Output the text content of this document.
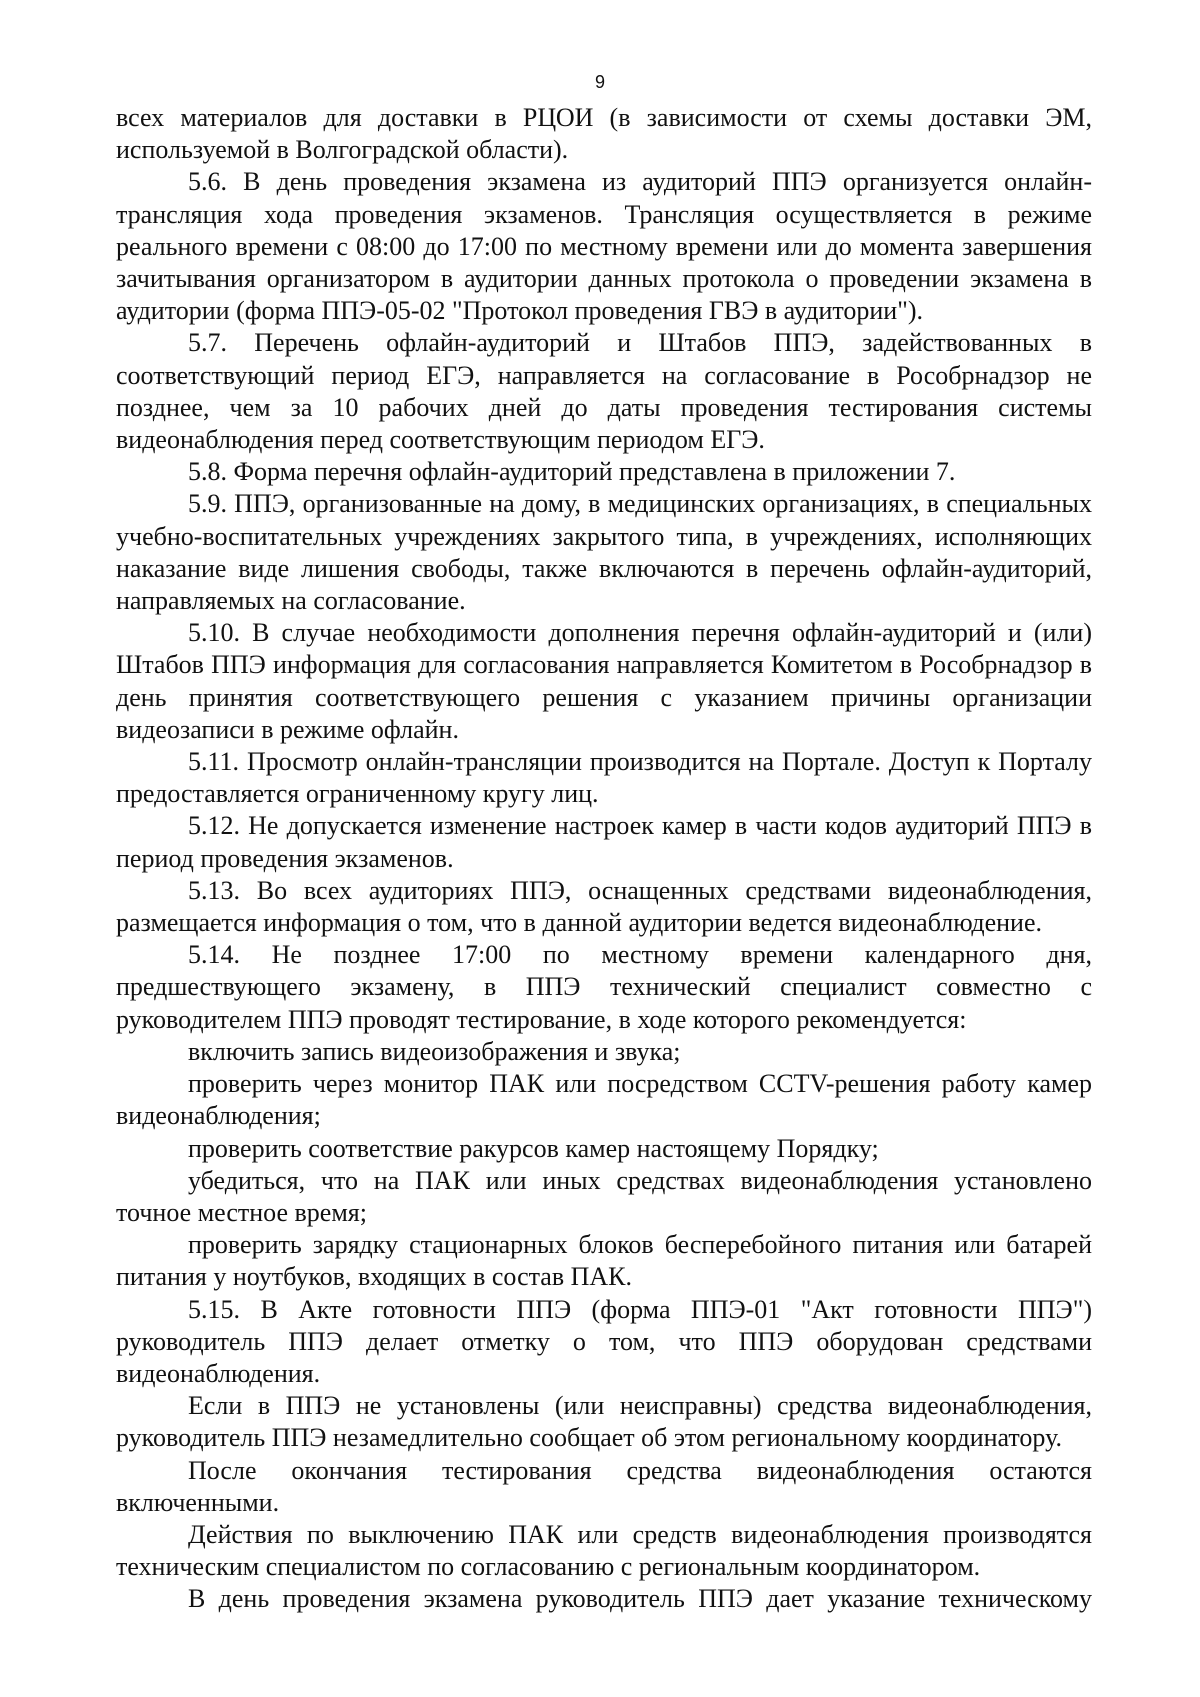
9

всех материалов для доставки в РЦОИ (в зависимости от схемы доставки ЭМ, используемой в Волгоградской области).

5.6. В день проведения экзамена из аудиторий ППЭ организуется онлайн-трансляция хода проведения экзаменов. Трансляция осуществляется в режиме реального времени с 08:00 до 17:00 по местному времени или до момента завершения зачитывания организатором в аудитории данных протокола о проведении экзамена в аудитории (форма ППЭ-05-02 "Протокол проведения ГВЭ в аудитории").

5.7. Перечень офлайн-аудиторий и Штабов ППЭ, задействованных в соответствующий период ЕГЭ, направляется на согласование в Рособрнадзор не позднее, чем за 10 рабочих дней до даты проведения тестирования системы видеонаблюдения перед соответствующим периодом ЕГЭ.

5.8. Форма перечня офлайн-аудиторий представлена в приложении 7.

5.9. ППЭ, организованные на дому, в медицинских организациях, в специальных учебно-воспитательных учреждениях закрытого типа, в учреждениях, исполняющих наказание виде лишения свободы, также включаются в перечень офлайн-аудиторий, направляемых на согласование.

5.10. В случае необходимости дополнения перечня офлайн-аудиторий и (или) Штабов ППЭ информация для согласования направляется Комитетом в Рособрнадзор в день принятия соответствующего решения с указанием причины организации видеозаписи в режиме офлайн.

5.11. Просмотр онлайн-трансляции производится на Портале. Доступ к Порталу предоставляется ограниченному кругу лиц.

5.12. Не допускается изменение настроек камер в части кодов аудиторий ППЭ в период проведения экзаменов.

5.13. Во всех аудиториях ППЭ, оснащенных средствами видеонаблюдения, размещается информация о том, что в данной аудитории ведется видеонаблюдение.

5.14. Не позднее 17:00 по местному времени календарного дня, предшествующего экзамену, в ППЭ технический специалист совместно с руководителем ППЭ проводят тестирование, в ходе которого рекомендуется:

включить запись видеоизображения и звука;

проверить через монитор ПАК или посредством CCTV-решения работу камер видеонаблюдения;

проверить соответствие ракурсов камер настоящему Порядку;

убедиться, что на ПАК или иных средствах видеонаблюдения установлено точное местное время;

проверить зарядку стационарных блоков бесперебойного питания или батарей питания у ноутбуков, входящих в состав ПАК.

5.15. В Акте готовности ППЭ (форма ППЭ-01 "Акт готовности ППЭ") руководитель ППЭ делает отметку о том, что ППЭ оборудован средствами видеонаблюдения.

Если в ППЭ не установлены (или неисправны) средства видеонаблюдения, руководитель ППЭ незамедлительно сообщает об этом региональному координатору.

После окончания тестирования средства видеонаблюдения остаются включенными.

Действия по выключению ПАК или средств видеонаблюдения производятся техническим специалистом по согласованию с региональным координатором.

В день проведения экзамена руководитель ППЭ дает указание техническому
